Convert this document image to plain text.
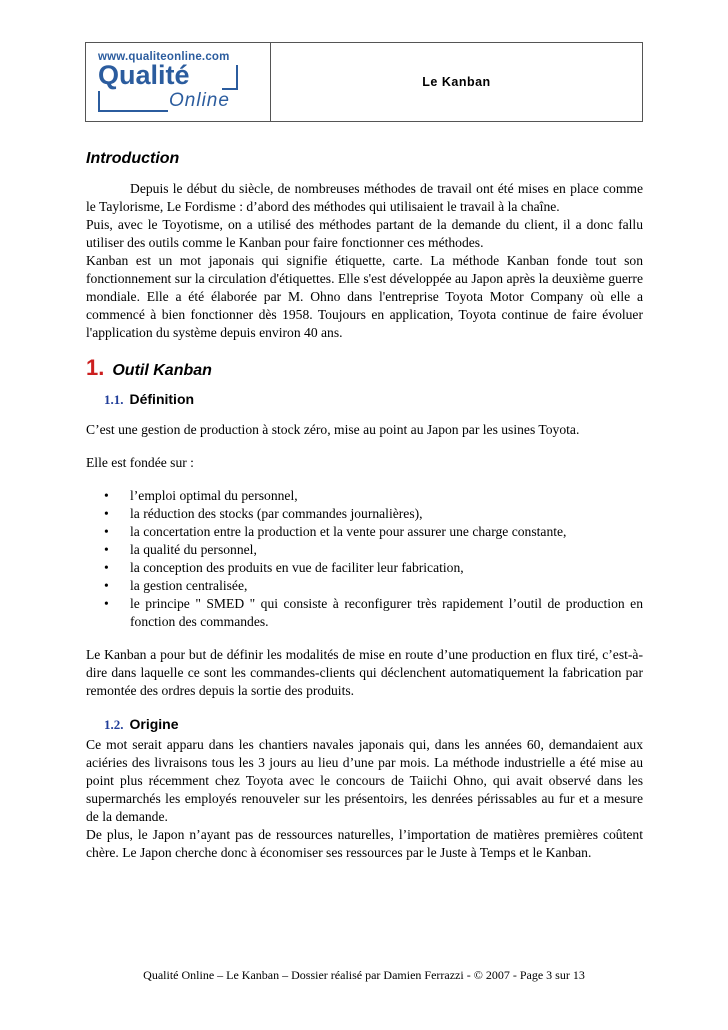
www.qualiteonline.com
Qualité
Online
Le Kanban
Introduction

Depuis le début du siècle, de nombreuses méthodes de travail ont été mises en place comme le Taylorisme, Le Fordisme : d’abord des méthodes qui utilisaient le travail à la chaîne.

Puis, avec le Toyotisme, on a utilisé des méthodes partant de la demande du client, il a donc fallu utiliser des outils comme le Kanban pour faire fonctionner ces méthodes.

Kanban est un mot japonais qui signifie étiquette, carte. La méthode Kanban fonde tout son fonctionnement sur la circulation d'étiquettes. Elle s'est développée au Japon après la deuxième guerre mondiale. Elle a été élaborée par M. Ohno dans l'entreprise Toyota Motor Company où elle a commencé à bien fonctionner dès 1958. Toujours en application, Toyota continue de faire évoluer l'application du système depuis environ 40 ans.

1. Outil Kanban
1.1. Définition

C’est une gestion de production à stock zéro, mise au point au Japon par les usines Toyota.

Elle est fondée sur :

• l’emploi optimal du personnel,
• la réduction des stocks (par commandes journalières),
• la concertation entre la production et la vente pour assurer une charge constante,
• la qualité du personnel,
• la conception des produits en vue de faciliter leur fabrication,
• la gestion centralisée,
• le principe " SMED " qui consiste à reconfigurer très rapidement l’outil de production en fonction des commandes.

Le Kanban a pour but de définir les modalités de mise en route d’une production en flux tiré, c’est-à-dire dans laquelle ce sont les commandes-clients qui déclenchent automatiquement la fabrication par remontée des ordres depuis la sortie des produits.

1.2. Origine

Ce mot serait apparu dans les chantiers navales japonais qui, dans les années 60, demandaient aux aciéries des livraisons tous les 3 jours au lieu d’une par mois. La méthode industrielle a été mise au point plus récemment chez Toyota avec le concours de Taiichi Ohno, qui avait observé dans les supermarchés les employés renouveler sur les présentoirs, les denrées périssables au fur et a mesure de la demande.

De plus, le Japon n’ayant pas de ressources naturelles, l’importation de matières premières coûtent chère. Le Japon cherche donc à économiser ses ressources par le Juste à Temps et le Kanban.

Qualité Online – Le Kanban – Dossier réalisé par Damien Ferrazzi - © 2007 - Page 3 sur 13
